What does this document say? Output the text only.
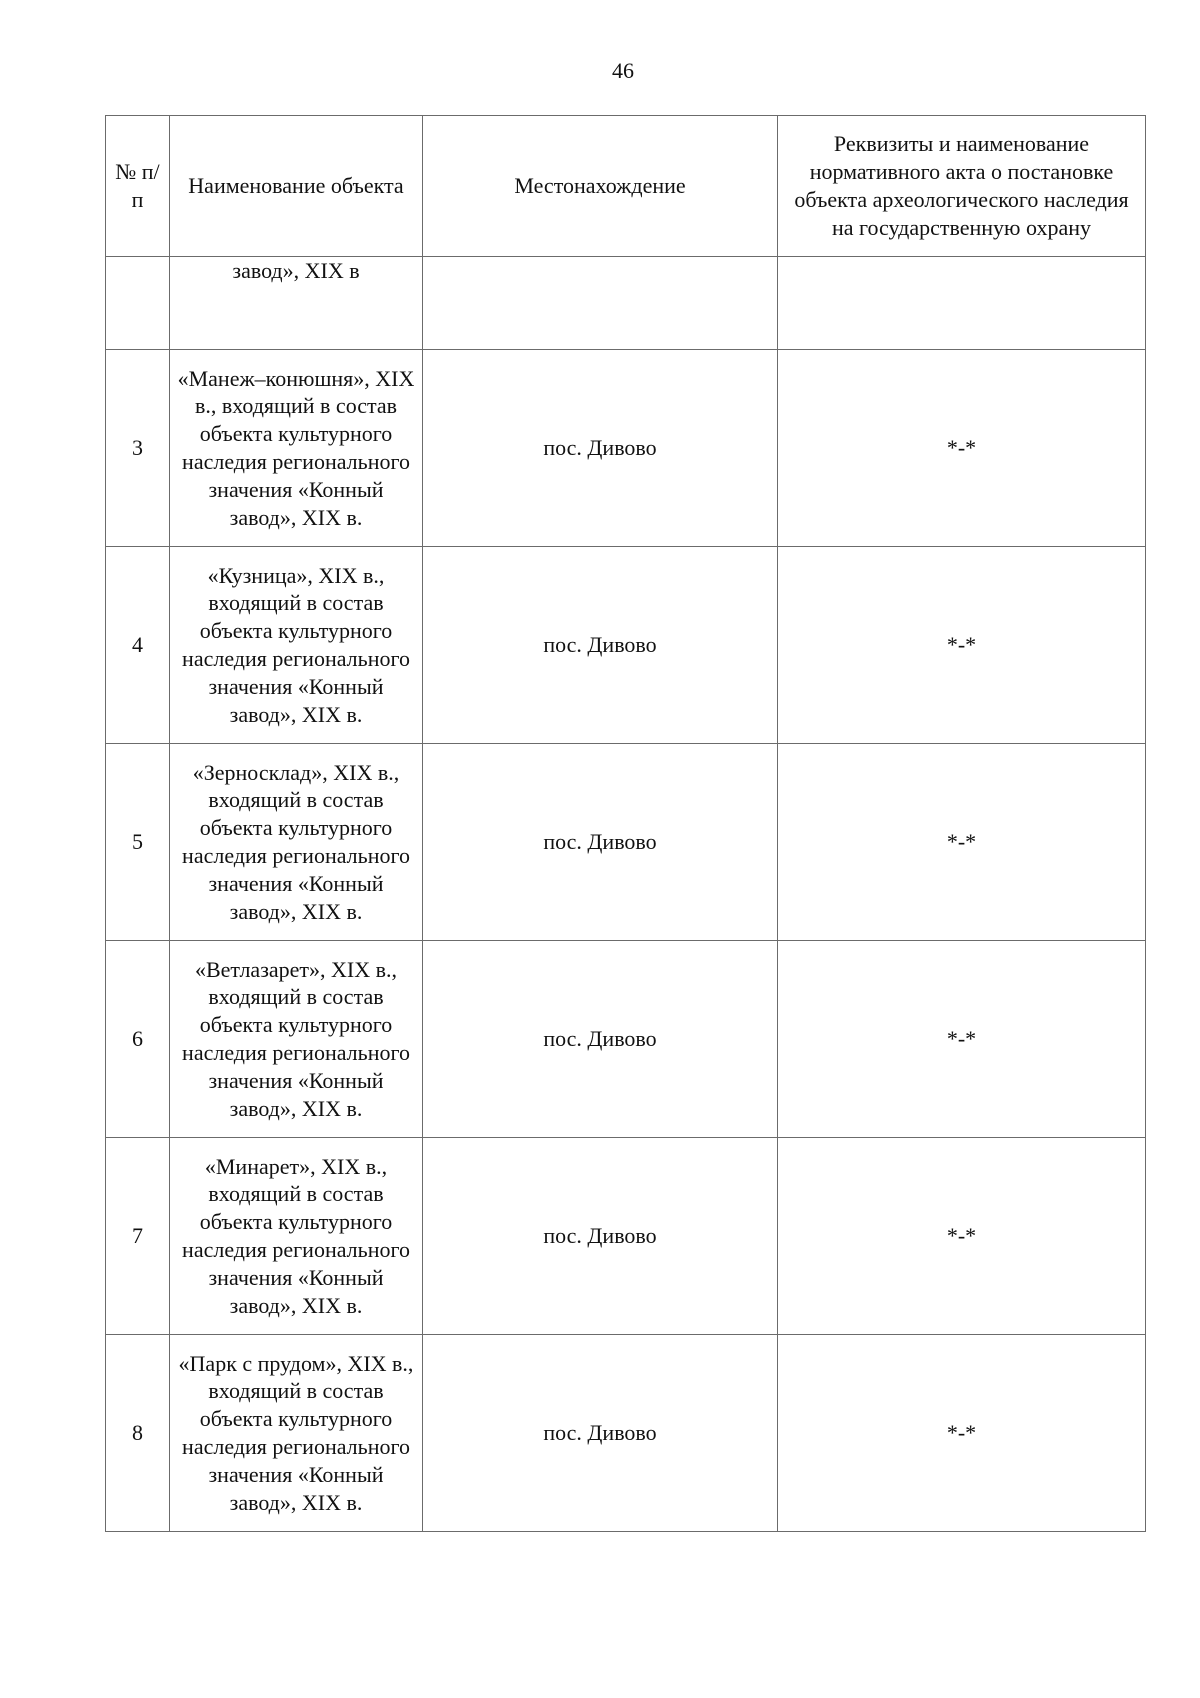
46
№ п/п	Наименование объекта	Местонахождение	Реквизиты и наименование нормативного акта о постановке объекта археологического наследия на государственную охрану
	завод», XIX в		
3	«Манеж–конюшня», XIX в., входящий в состав объекта культурного наследия регионального значения «Конный завод», XIX в.	пос. Дивово	*-*
4	«Кузница», XIX в., входящий в состав объекта культурного наследия регионального значения «Конный завод», XIX в.	пос. Дивово	*-*
5	«Зерносклад», XIX в., входящий в состав объекта культурного наследия регионального значения «Конный завод», XIX в.	пос. Дивово	*-*
6	«Ветлазарет», XIX в., входящий в состав объекта культурного наследия регионального значения «Конный завод», XIX в.	пос. Дивово	*-*
7	«Минарет», XIX в., входящий в состав объекта культурного наследия регионального значения «Конный завод», XIX в.	пос. Дивово	*-*
8	«Парк с прудом», XIX в., входящий в состав объекта культурного наследия регионального значения «Конный завод», XIX в.	пос. Дивово	*-*
